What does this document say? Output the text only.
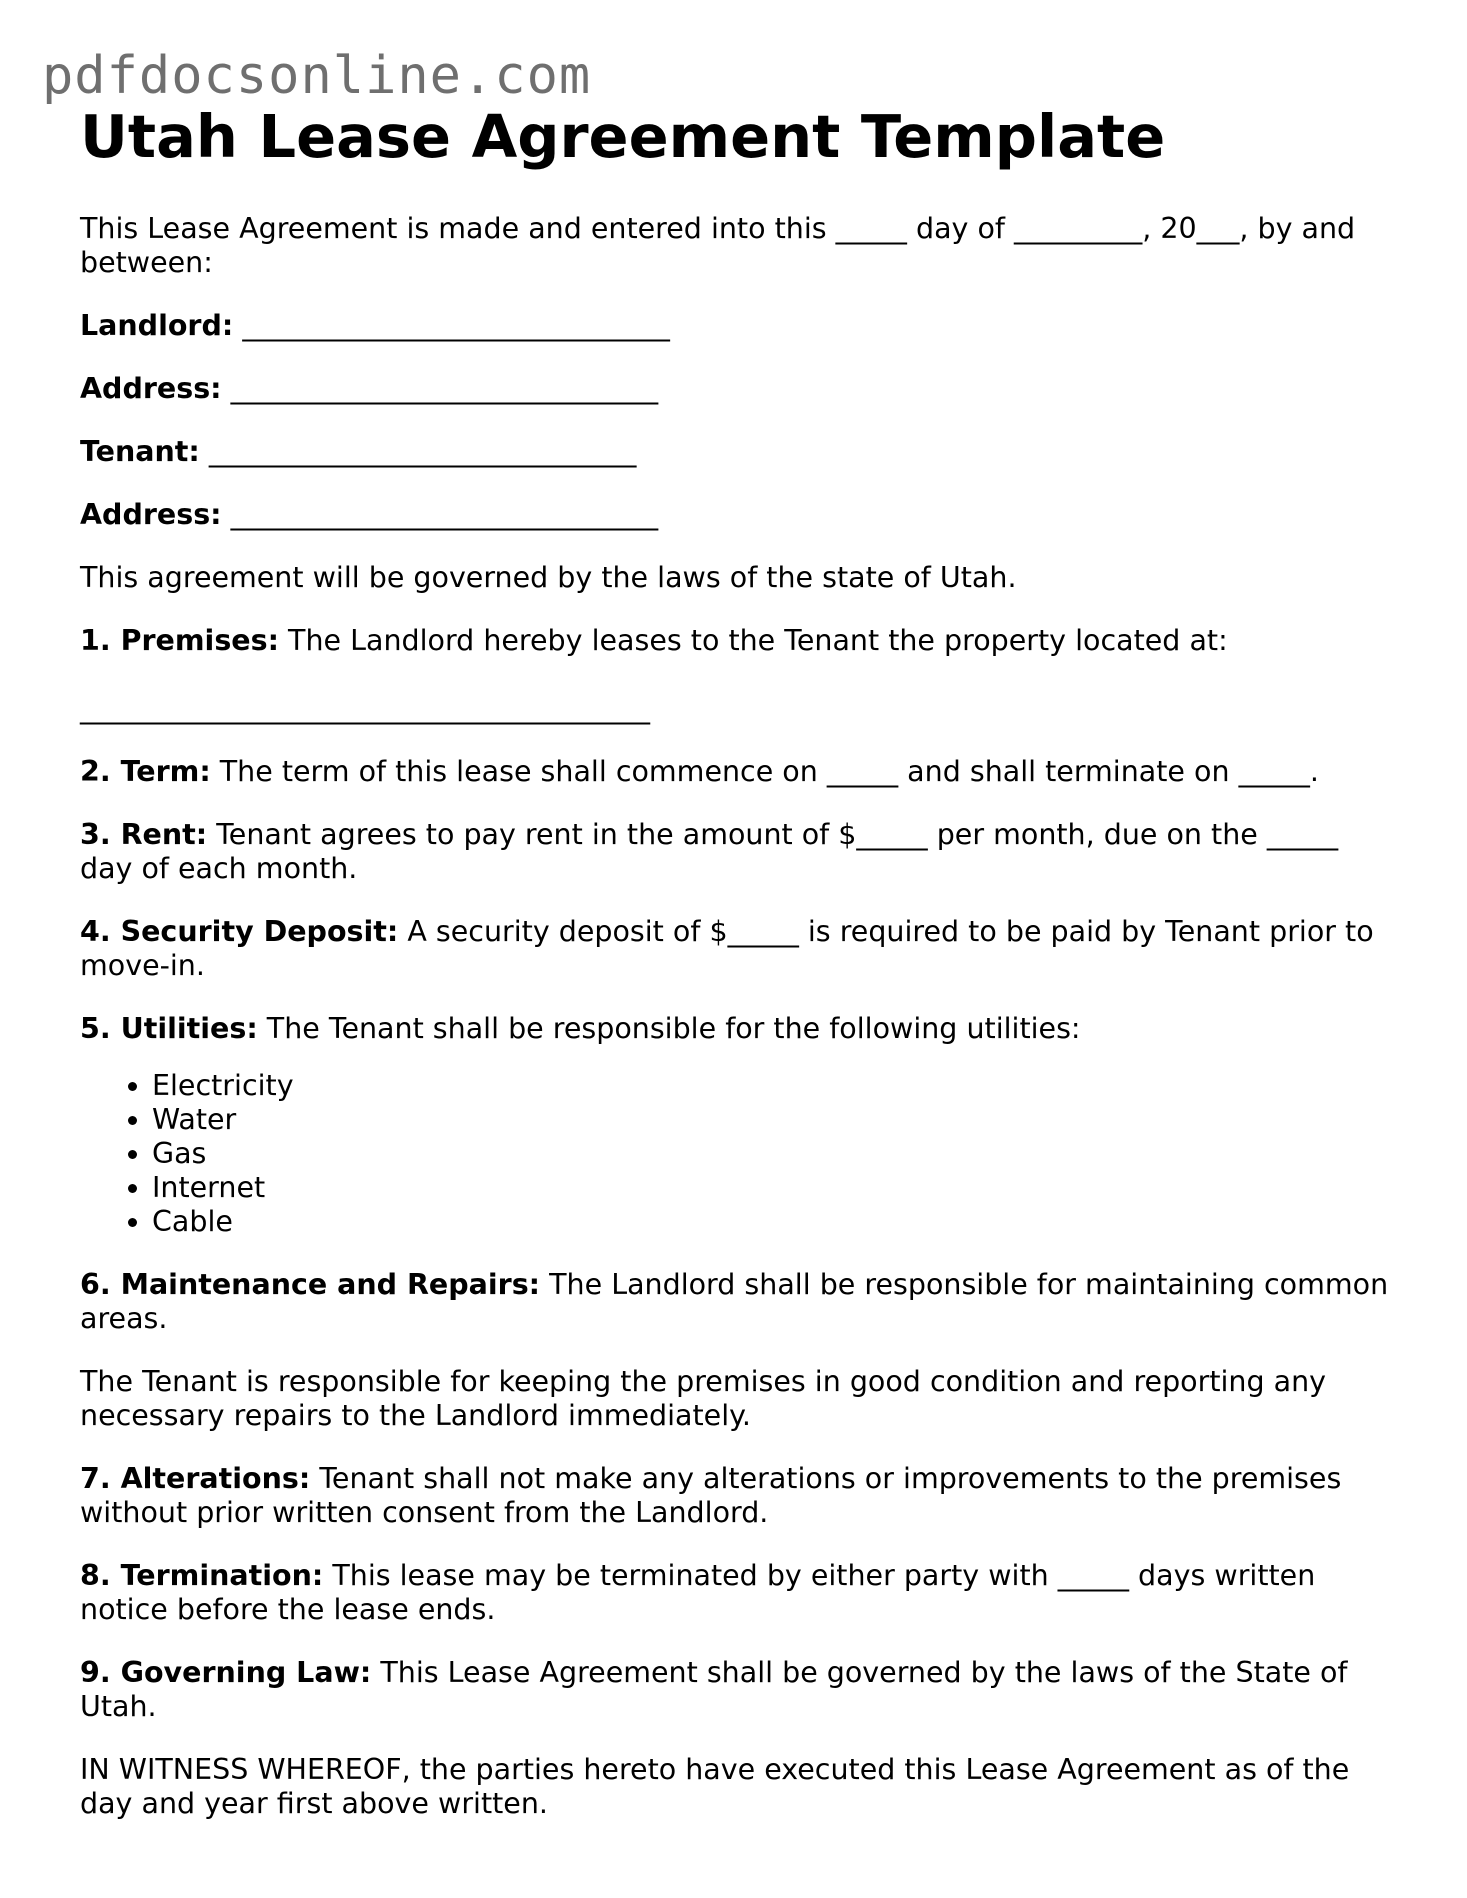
pdfdocsonline.com
Utah Lease Agreement Template

This Lease Agreement is made and entered into this _____ day of _________, 20___, by and between:

Landlord: ______________________________

Address: ______________________________

Tenant: ______________________________

Address: ______________________________

This agreement will be governed by the laws of the state of Utah.

1. Premises: The Landlord hereby leases to the Tenant the property located at:

________________________________________

2. Term: The term of this lease shall commence on _____ and shall terminate on _____.

3. Rent: Tenant agrees to pay rent in the amount of $_____ per month, due on the _____ day of each month.

4. Security Deposit: A security deposit of $_____ is required to be paid by Tenant prior to move-in.

5. Utilities: The Tenant shall be responsible for the following utilities:

• Electricity
• Water
• Gas
• Internet
• Cable

6. Maintenance and Repairs: The Landlord shall be responsible for maintaining common areas.

The Tenant is responsible for keeping the premises in good condition and reporting any necessary repairs to the Landlord immediately.

7. Alterations: Tenant shall not make any alterations or improvements to the premises without prior written consent from the Landlord.

8. Termination: This lease may be terminated by either party with _____ days written notice before the lease ends.

9. Governing Law: This Lease Agreement shall be governed by the laws of the State of Utah.

IN WITNESS WHEREOF, the parties hereto have executed this Lease Agreement as of the day and year first above written.
